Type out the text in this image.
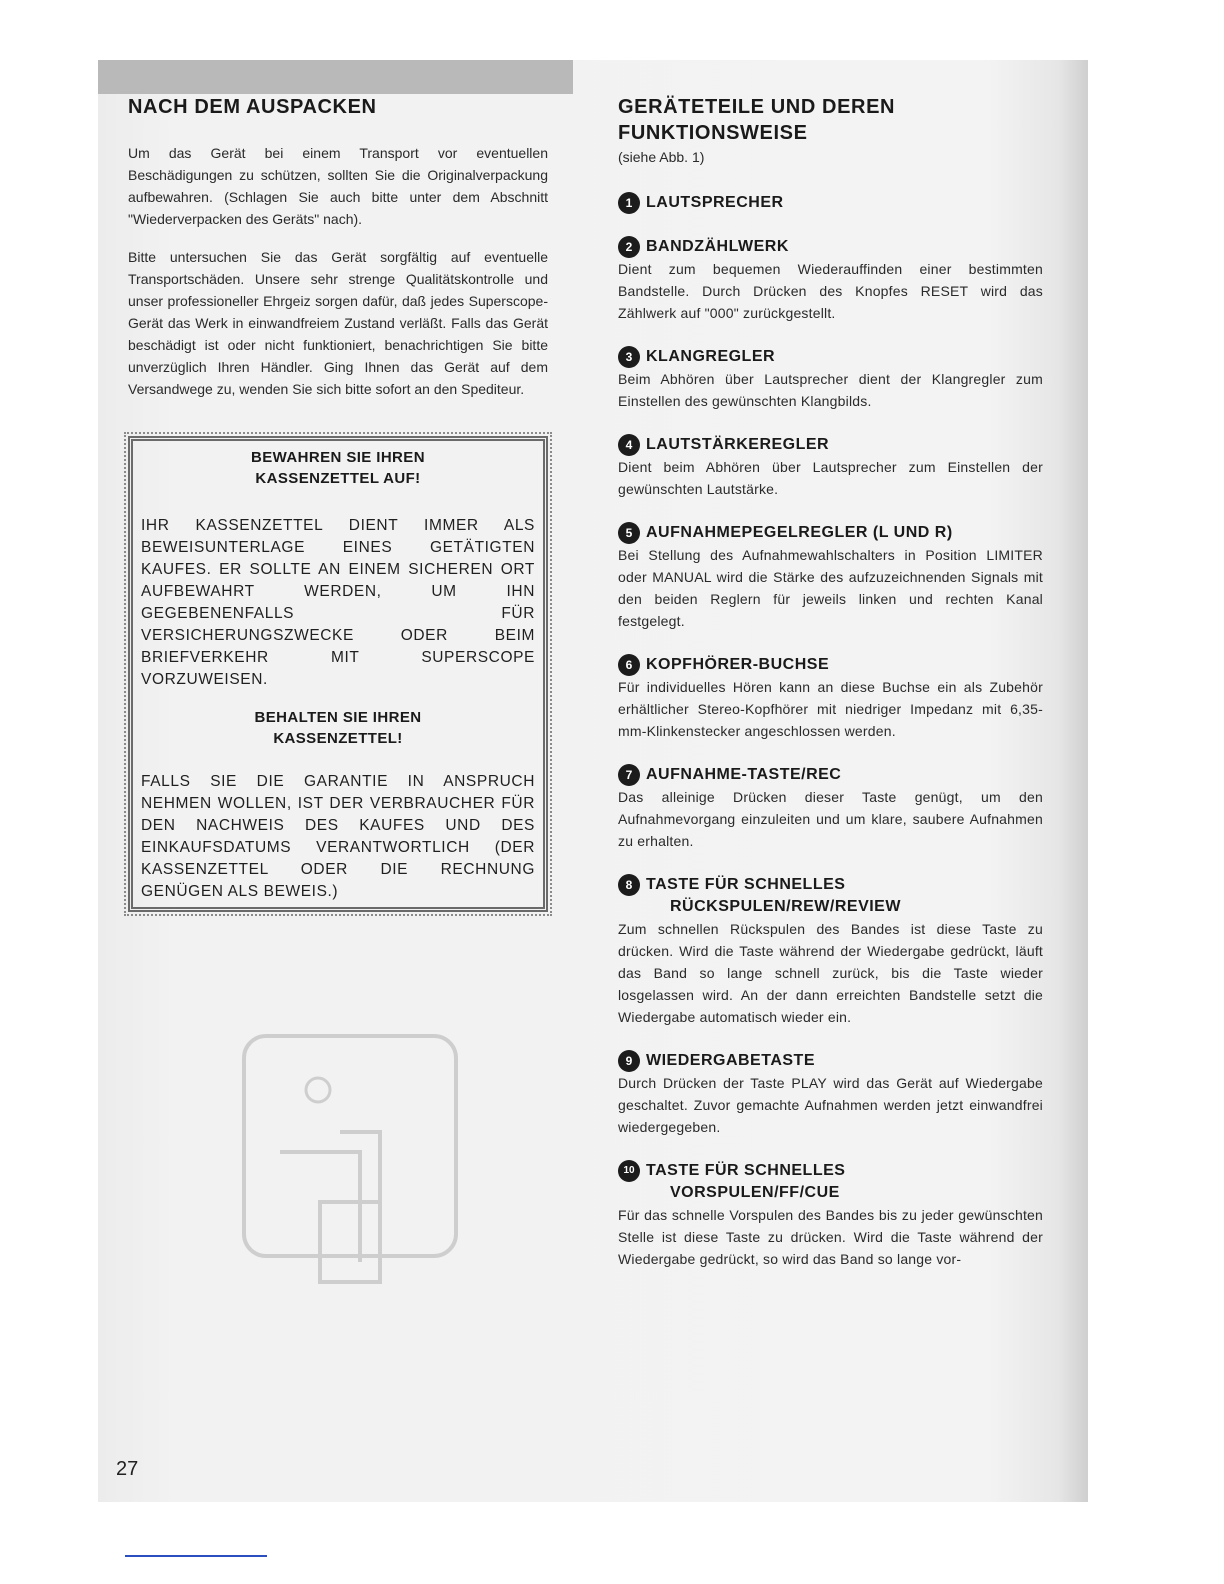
NACH DEM AUSPACKEN

Um das Gerät bei einem Transport vor eventuellen Beschädigungen zu schützen, sollten Sie die Originalverpackung aufbewahren. (Schlagen Sie auch bitte unter dem Abschnitt "Wiederverpacken des Geräts" nach).

Bitte untersuchen Sie das Gerät sorgfältig auf eventuelle Transportschäden. Unsere sehr strenge Qualitätskontrolle und unser professioneller Ehrgeiz sorgen dafür, daß jedes Superscope-Gerät das Werk in einwandfreiem Zustand verläßt. Falls das Gerät beschädigt ist oder nicht funktioniert, benachrichtigen Sie bitte unverzüglich Ihren Händler. Ging Ihnen das Gerät auf dem Versandwege zu, wenden Sie sich bitte sofort an den Spediteur.

BEWAHREN SIE IHREN KASSENZETTEL AUF!

IHR KASSENZETTEL DIENT IMMER ALS BEWEISUNTERLAGE EINES GETÄTIGTEN KAUFES. ER SOLLTE AN EINEM SICHEREN ORT AUFBEWAHRT WERDEN, UM IHN GEGEBENENFALLS FÜR VERSICHERUNGSZWECKE ODER BEIM BRIEFVERKEHR MIT SUPERSCOPE VORZUWEISEN.

BEHALTEN SIE IHREN KASSENZETTEL!

FALLS SIE DIE GARANTIE IN ANSPRUCH NEHMEN WOLLEN, IST DER VERBRAUCHER FÜR DEN NACHWEIS DES KAUFES UND DES EINKAUFSDATUMS VERANTWORTLICH (DER KASSENZETTEL ODER DIE RECHNUNG GENÜGEN ALS BEWEIS.)

GERÄTETEILE UND DEREN FUNKTIONSWEISE

(siehe Abb. 1)

1 LAUTSPRECHER
2 BANDZÄHLWERK

Dient zum bequemen Wiederauffinden einer bestimmten Bandstelle. Durch Drücken des Knopfes RESET wird das Zählwerk auf "000" zurückgestellt.

3 KLANGREGLER

Beim Abhören über Lautsprecher dient der Klangregler zum Einstellen des gewünschten Klangbilds.

4 LAUTSTÄRKEREGLER

Dient beim Abhören über Lautsprecher zum Einstellen der gewünschten Lautstärke.

5 AUFNAHMEPEGELREGLER (L UND R)

Bei Stellung des Aufnahmewahlschalters in Position LIMITER oder MANUAL wird die Stärke des aufzuzeichnenden Signals mit den beiden Reglern für jeweils linken und rechten Kanal festgelegt.

6 KOPFHÖRER-BUCHSE

Für individuelles Hören kann an diese Buchse ein als Zubehör erhältlicher Stereo-Kopfhörer mit niedriger Impedanz mit 6,35-mm-Klinkenstecker angeschlossen werden.

7 AUFNAHME-TASTE/REC

Das alleinige Drücken dieser Taste genügt, um den Aufnahmevorgang einzuleiten und um klare, saubere Aufnahmen zu erhalten.

8 TASTE FÜR SCHNELLES
RÜCKSPULEN/REW/REVIEW

Zum schnellen Rückspulen des Bandes ist diese Taste zu drücken. Wird die Taste während der Wiedergabe gedrückt, läuft das Band so lange schnell zurück, bis die Taste wieder losgelassen wird. An der dann erreichten Bandstelle setzt die Wiedergabe automatisch wieder ein.

9 WIEDERGABETASTE

Durch Drücken der Taste PLAY wird das Gerät auf Wiedergabe geschaltet. Zuvor gemachte Aufnahmen werden jetzt einwandfrei wiedergegeben.

10 TASTE FÜR SCHNELLES
VORSPULEN/FF/CUE

Für das schnelle Vorspulen des Bandes bis zu jeder gewünschten Stelle ist diese Taste zu drücken. Wird die Taste während der Wiedergabe gedrückt, so wird das Band so lange vor-

27
